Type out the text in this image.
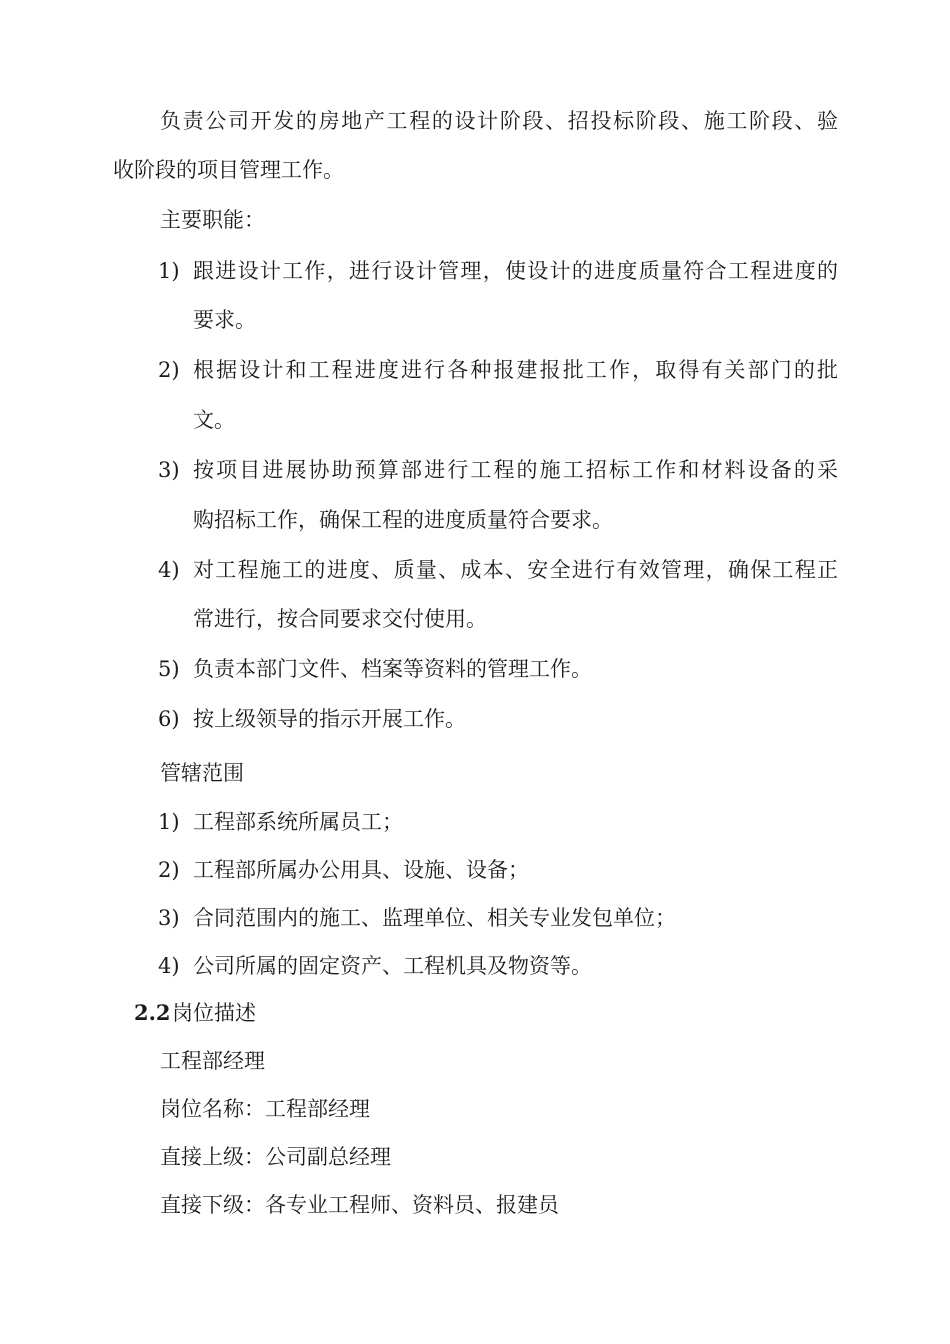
负责公司开发的房地产工程的设计阶段、招投标阶段、施工阶段、验
收阶段的项目管理工作。
主要职能：
1) 跟进设计工作，进行设计管理，使设计的进度质量符合工程进度的
要求。
2) 根据设计和工程进度进行各种报建报批工作，取得有关部门的批
文。
3) 按项目进展协助预算部进行工程的施工招标工作和材料设备的采
购招标工作，确保工程的进度质量符合要求。
4) 对工程施工的进度、质量、成本、安全进行有效管理，确保工程正
常进行，按合同要求交付使用。
5) 负责本部门文件、档案等资料的管理工作。
6) 按上级领导的指示开展工作。
管辖范围
1) 工程部系统所属员工；
2) 工程部所属办公用具、设施、设备；
3) 合同范围内的施工、监理单位、相关专业发包单位；
4) 公司所属的固定资产、工程机具及物资等。
2.2 岗位描述
工程部经理
岗位名称：工程部经理
直接上级：公司副总经理
直接下级：各专业工程师、资料员、报建员
